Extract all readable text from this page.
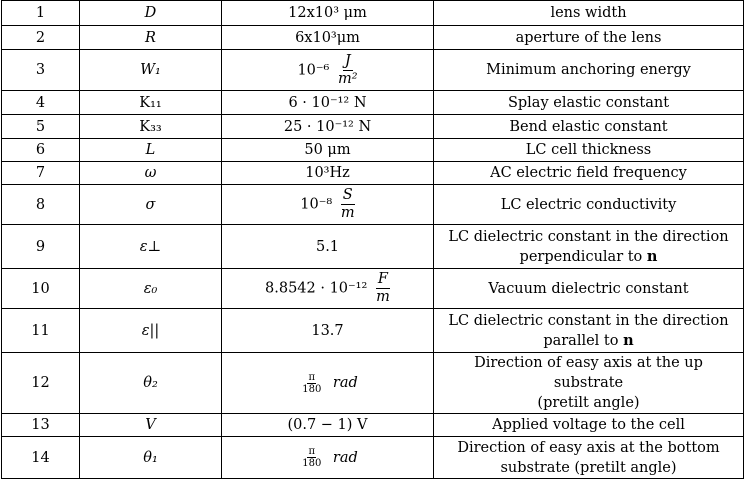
1	D	12x10³ μm	lens width
2	R	6x10³μm	aperture of the lens
3	W₁	$10^{-6} \frac{J}{\text{m²}}$	Minimum anchoring energy
4	K₁₁	6 · 10⁻¹² N	Splay elastic constant
5	K₃₃	25 · 10⁻¹² N	Bend elastic constant
6	L	50 μm	LC cell thickness
7	ω	10³Hz	AC electric field frequency
8	σ	$10^{-8} \frac{S}{m}$	LC electric conductivity
9	ε⊥	5.1	LC dielectric constant in the direction
perpendicular to n
10	ε₀	$8.8542 \cdot 10^{-12} \frac{F}{m}$	Vacuum dielectric constant
11	ε||	13.7	LC dielectric constant in the direction
parallel to n
12	θ₂	$\frac{\pi}{180}$ rad	Direction of easy axis at the up substrate
(pretilt angle)
13	V	(0.7 − 1) V	Applied voltage to the cell
14	θ₁	$\frac{\pi}{180}$ rad	Direction of easy axis at the bottom
substrate (pretilt angle)
